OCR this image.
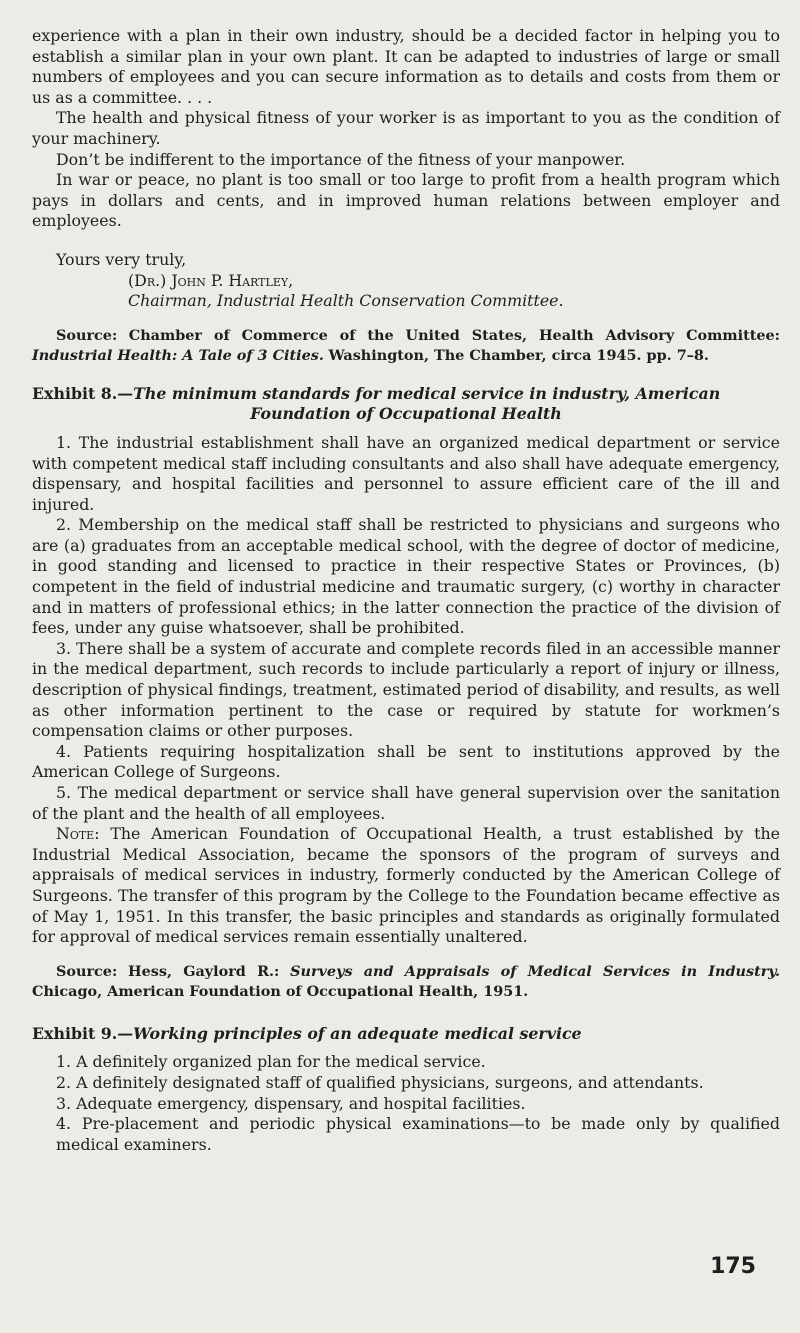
experience with a plan in their own industry, should be a decided factor in helping you to establish a similar plan in your own plant. It can be adapted to industries of large or small numbers of employees and you can secure information as to details and costs from them or us as a committee. . . .

The health and physical fitness of your worker is as important to you as the condition of your machinery.

Don’t be indifferent to the importance of the fitness of your manpower.

In war or peace, no plant is too small or too large to profit from a health program which pays in dollars and cents, and in improved human relations between employer and employees.

Yours very truly,

(Dr.) John P. Hartley,

Chairman, Industrial Health Conservation Committee.

Source: Chamber of Commerce of the United States, Health Advisory Committee: Industrial Health: A Tale of 3 Cities. Washington, The Chamber, circa 1945. pp. 7–8.

Exhibit 8.—The minimum standards for medical service in industry, American

Foundation of Occupational Health

1. The industrial establishment shall have an organized medical department or service with competent medical staff including consultants and also shall have adequate emergency, dispensary, and hospital facilities and personnel to assure efficient care of the ill and injured.

2. Membership on the medical staff shall be restricted to physicians and surgeons who are (a) graduates from an acceptable medical school, with the degree of doctor of medicine, in good standing and licensed to practice in their respective States or Provinces, (b) competent in the field of industrial medicine and traumatic surgery, (c) worthy in character and in matters of professional ethics; in the latter connection the practice of the division of fees, under any guise whatsoever, shall be prohibited.

3. There shall be a system of accurate and complete records filed in an accessible manner in the medical department, such records to include particularly a report of injury or illness, description of physical findings, treatment, estimated period of disability, and results, as well as other information pertinent to the case or required by statute for workmen’s compensation claims or other purposes.

4. Patients requiring hospitalization shall be sent to institutions approved by the American College of Surgeons.

5. The medical department or service shall have general supervision over the sanitation of the plant and the health of all employees.

Note: The American Foundation of Occupational Health, a trust established by the Industrial Medical Association, became the sponsors of the program of surveys and appraisals of medical services in industry, formerly conducted by the American College of Surgeons. The transfer of this program by the College to the Foundation became effective as of May 1, 1951. In this transfer, the basic principles and standards as originally formulated for approval of medical services remain essentially unaltered.

Source: Hess, Gaylord R.: Surveys and Appraisals of Medical Services in Industry. Chicago, American Foundation of Occupational Health, 1951.

Exhibit 9.—Working principles of an adequate medical service

1. A definitely organized plan for the medical service.

2. A definitely designated staff of qualified physicians, surgeons, and attendants.

3. Adequate emergency, dispensary, and hospital facilities.

4. Pre-placement and periodic physical examinations—to be made only by qualified medical examiners.

175
